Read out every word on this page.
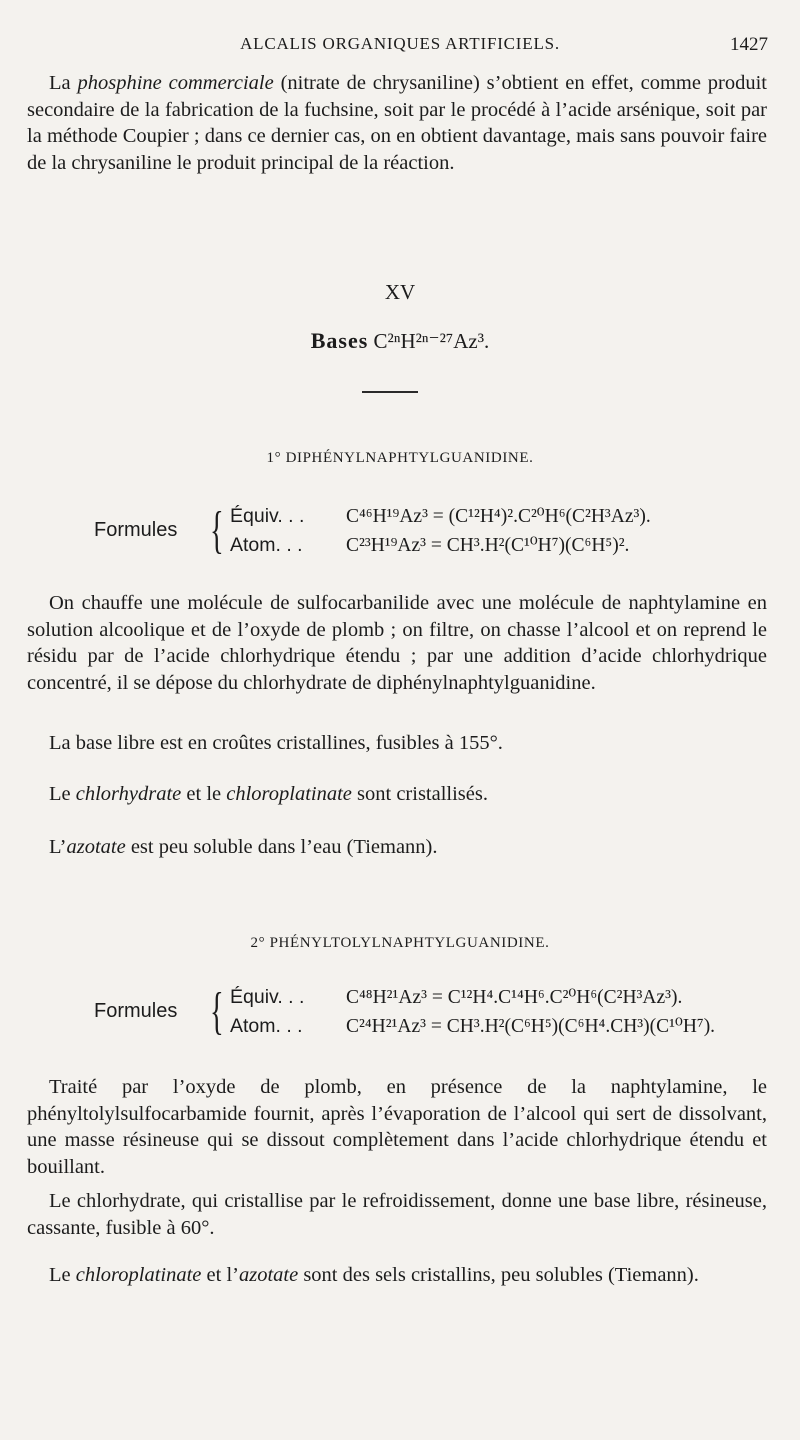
ALCALIS ORGANIQUES ARTIFICIELS.	1427

La phosphine commerciale (nitrate de chrysaniline) s’obtient en effet, comme produit secondaire de la fabrication de la fuchsine, soit par le procédé à l’acide arsénique, soit par la méthode Coupier ; dans ce dernier cas, on en obtient davantage, mais sans pouvoir faire de la chrysaniline le produit principal de la réaction.

XV
Bases C²ⁿH²ⁿ⁻²⁷Az³.
1° DIPHÉNYLNAPHTYLGUANIDINE.
Formules { Équiv. . . C⁴⁶H¹⁹Az³ = (C¹²H⁴)².C²⁰H⁶(C²H³Az³).
Atom. . . C²³H¹⁹Az³ = CH³.H²(C¹⁰H⁷)(C⁶H⁵)².

On chauffe une molécule de sulfocarbanilide avec une molécule de naphtylamine en solution alcoolique et de l’oxyde de plomb ; on filtre, on chasse l’alcool et on reprend le résidu par de l’acide chlorhydrique étendu ; par une addition d’acide chlorhydrique concentré, il se dépose du chlorhydrate de diphénylnaphtylguanidine.

La base libre est en croûtes cristallines, fusibles à 155°.

Le chlorhydrate et le chloroplatinate sont cristallisés.

L’azotate est peu soluble dans l’eau (Tiemann).

2° PHÉNYLTOLYLNAPHTYLGUANIDINE.
Formules { Équiv. . . C⁴⁸H²¹Az³ = C¹²H⁴.C¹⁴H⁶.C²⁰H⁶(C²H³Az³).
Atom. . . C²⁴H²¹Az³ = CH³.H²(C⁶H⁵)(C⁶H⁴.CH³)(C¹⁰H⁷).

Traité par l’oxyde de plomb, en présence de la naphtylamine, le phényltolylsulfocarbamide fournit, après l’évaporation de l’alcool qui sert de dissolvant, une masse résineuse qui se dissout complètement dans l’acide chlorhydrique étendu et bouillant.

Le chlorhydrate, qui cristallise par le refroidissement, donne une base libre, résineuse, cassante, fusible à 60°.

Le chloroplatinate et l’azotate sont des sels cristallins, peu solubles (Tiemann).
